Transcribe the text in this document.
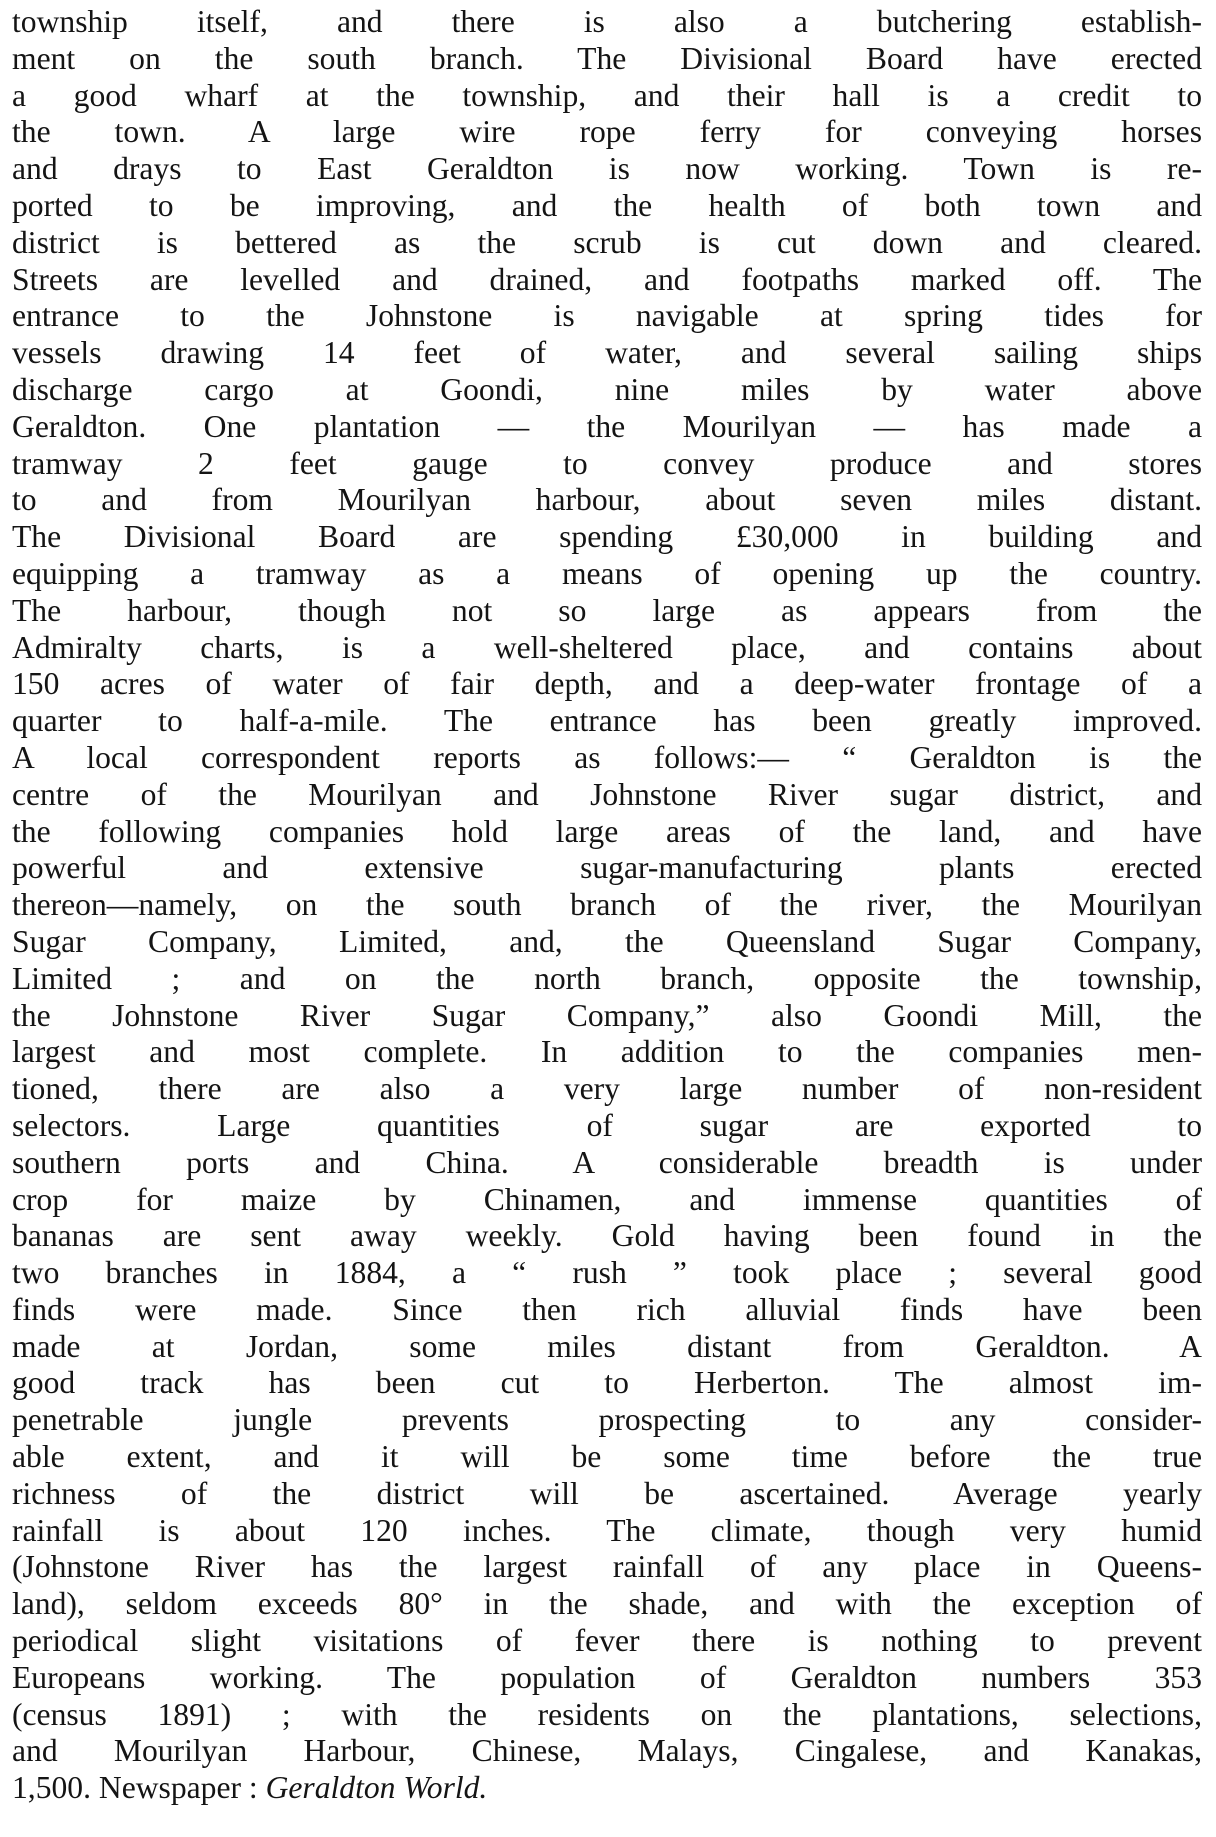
township itself, and there is also a butchering establish-
ment on the south branch. The Divisional Board have erected
a good wharf at the township, and their hall is a credit to
the town. A large wire rope ferry for conveying horses
and drays to East Geraldton is now working. Town is re-
ported to be improving, and the health of both town and
district is bettered as the scrub is cut down and cleared.
Streets are levelled and drained, and footpaths marked off. The
entrance to the Johnstone is navigable at spring tides for
vessels drawing 14 feet of water, and several sailing ships
discharge cargo at Goondi, nine miles by water above
Geraldton. One plantation — the Mourilyan — has made a
tramway 2 feet gauge to convey produce and stores
to and from Mourilyan harbour, about seven miles distant.
The Divisional Board are spending £30,000 in building and
equipping a tramway as a means of opening up the country.
The harbour, though not so large as appears from the
Admiralty charts, is a well-sheltered place, and contains about
150 acres of water of fair depth, and a deep-water frontage of a
quarter to half-a-mile. The entrance has been greatly improved.
A local correspondent reports as follows:— “ Geraldton is the
centre of the Mourilyan and Johnstone River sugar district, and
the following companies hold large areas of the land, and have
powerful and extensive sugar-manufacturing plants erected
thereon—namely, on the south branch of the river, the Mourilyan
Sugar Company, Limited, and, the Queensland Sugar Company,
Limited ; and on the north branch, opposite the township,
the Johnstone River Sugar Company,” also Goondi Mill, the
largest and most complete. In addition to the companies men-
tioned, there are also a very large number of non-resident
selectors. Large quantities of sugar are exported to
southern ports and China. A considerable breadth is under
crop for maize by Chinamen, and immense quantities of
bananas are sent away weekly. Gold having been found in the
two branches in 1884, a “ rush ” took place ; several good
finds were made. Since then rich alluvial finds have been
made at Jordan, some miles distant from Geraldton. A
good track has been cut to Herberton. The almost im-
penetrable jungle prevents prospecting to any consider-
able extent, and it will be some time before the true
richness of the district will be ascertained. Average yearly
rainfall is about 120 inches. The climate, though very humid
(Johnstone River has the largest rainfall of any place in Queens-
land), seldom exceeds 80° in the shade, and with the exception of
periodical slight visitations of fever there is nothing to prevent
Europeans working. The population of Geraldton numbers 353
(census 1891) ; with the residents on the plantations, selections,
and Mourilyan Harbour, Chinese, Malays, Cingalese, and Kanakas,
1,500. Newspaper : Geraldton World.
